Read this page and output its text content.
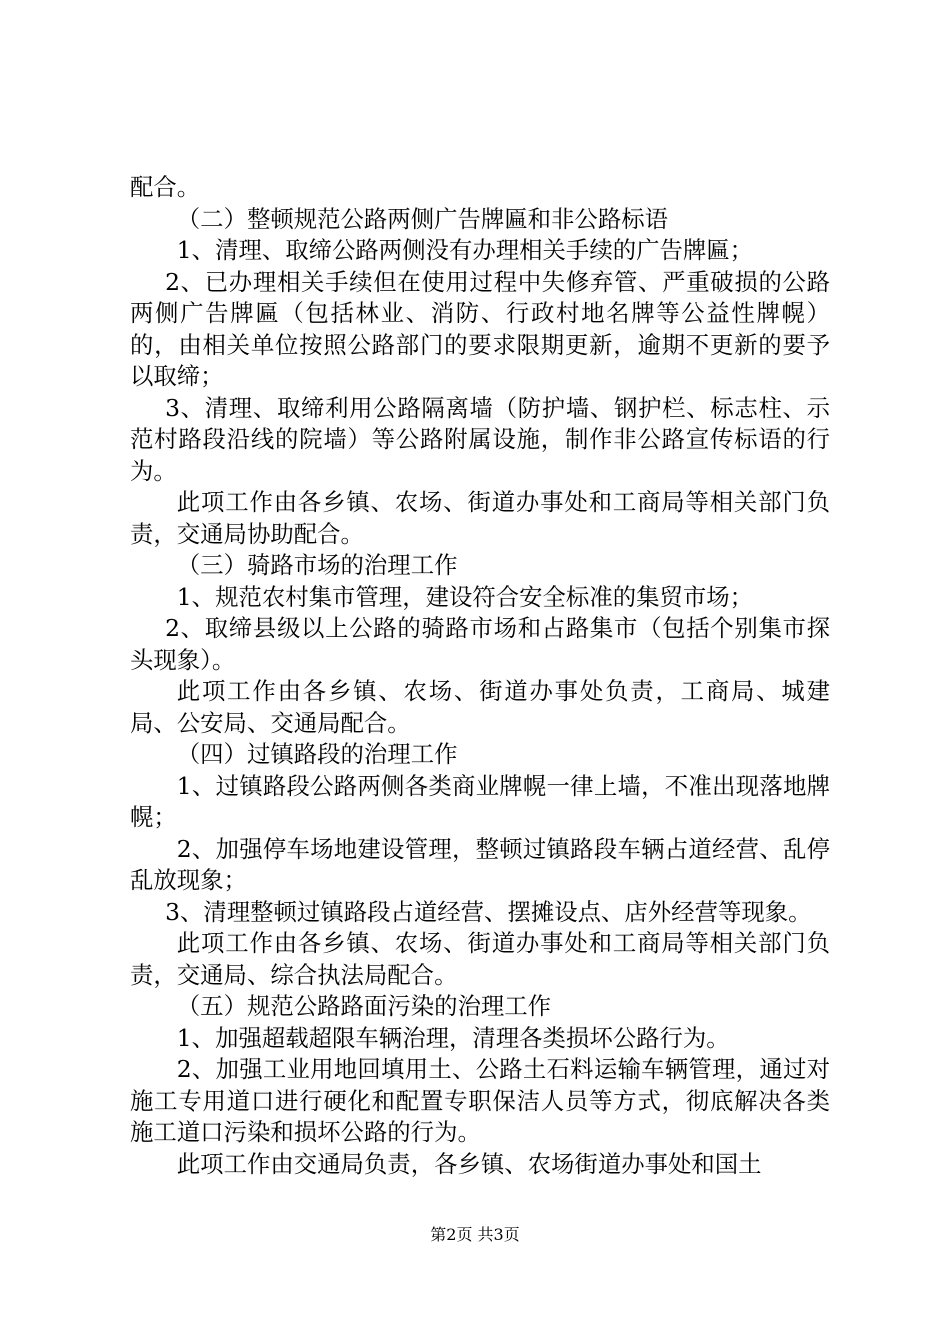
配合。

（二）整顿规范公路两侧广告牌匾和非公路标语

1、清理、取缔公路两侧没有办理相关手续的广告牌匾；

2、已办理相关手续但在使用过程中失修弃管、严重破损的公路两侧广告牌匾（包括林业、消防、行政村地名牌等公益性牌幌）的，由相关单位按照公路部门的要求限期更新，逾期不更新的要予以取缔；

3、清理、取缔利用公路隔离墙（防护墙、钢护栏、标志柱、示范村路段沿线的院墙）等公路附属设施，制作非公路宣传标语的行为。

此项工作由各乡镇、农场、街道办事处和工商局等相关部门负责，交通局协助配合。

（三）骑路市场的治理工作

1、规范农村集市管理，建设符合安全标准的集贸市场；

2、取缔县级以上公路的骑路市场和占路集市（包括个别集市探头现象）。

此项工作由各乡镇、农场、街道办事处负责，工商局、城建局、公安局、交通局配合。

（四）过镇路段的治理工作

1、过镇路段公路两侧各类商业牌幌一律上墙，不准出现落地牌幌；

2、加强停车场地建设管理，整顿过镇路段车辆占道经营、乱停乱放现象；

3、清理整顿过镇路段占道经营、摆摊设点、店外经营等现象。

此项工作由各乡镇、农场、街道办事处和工商局等相关部门负责，交通局、综合执法局配合。

（五）规范公路路面污染的治理工作

1、加强超载超限车辆治理，清理各类损坏公路行为。

2、加强工业用地回填用土、公路土石料运输车辆管理，通过对施工专用道口进行硬化和配置专职保洁人员等方式，彻底解决各类施工道口污染和损坏公路的行为。

此项工作由交通局负责，各乡镇、农场街道办事处和国土

第2页 共3页
